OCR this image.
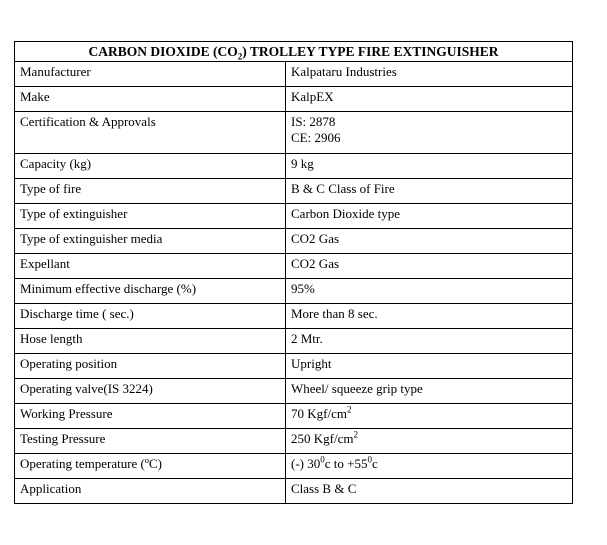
CARBON DIOXIDE $(CO_2)$ TROLLEY TYPE FIRE EXTINGUISHER	
Manufacturer	Kalpataru Industries
Make	KalpEX
Certification & Approvals	IS: 2878
CE: 2906

Capacity (kg)	9 kg
Type of fire	B & C Class of Fire
Type of extinguisher	Carbon Dioxide type
Type of extinguisher media	CO2 Gas
Expellant	CO2 Gas
Minimum effective discharge (%)	95%
Discharge time ( sec.)	More than 8 sec.
Hose length	2 Mtr.
Operating position	Upright
Operating valve(IS 3224)	Wheel/ squeeze grip type
Working Pressure	70 Kgf/$cm^2$
Testing Pressure	250 Kgf/$cm^2$
Operating temperature (ºC)	(-) $30^0c$ to $+55^0c$
Application	Class B & C
